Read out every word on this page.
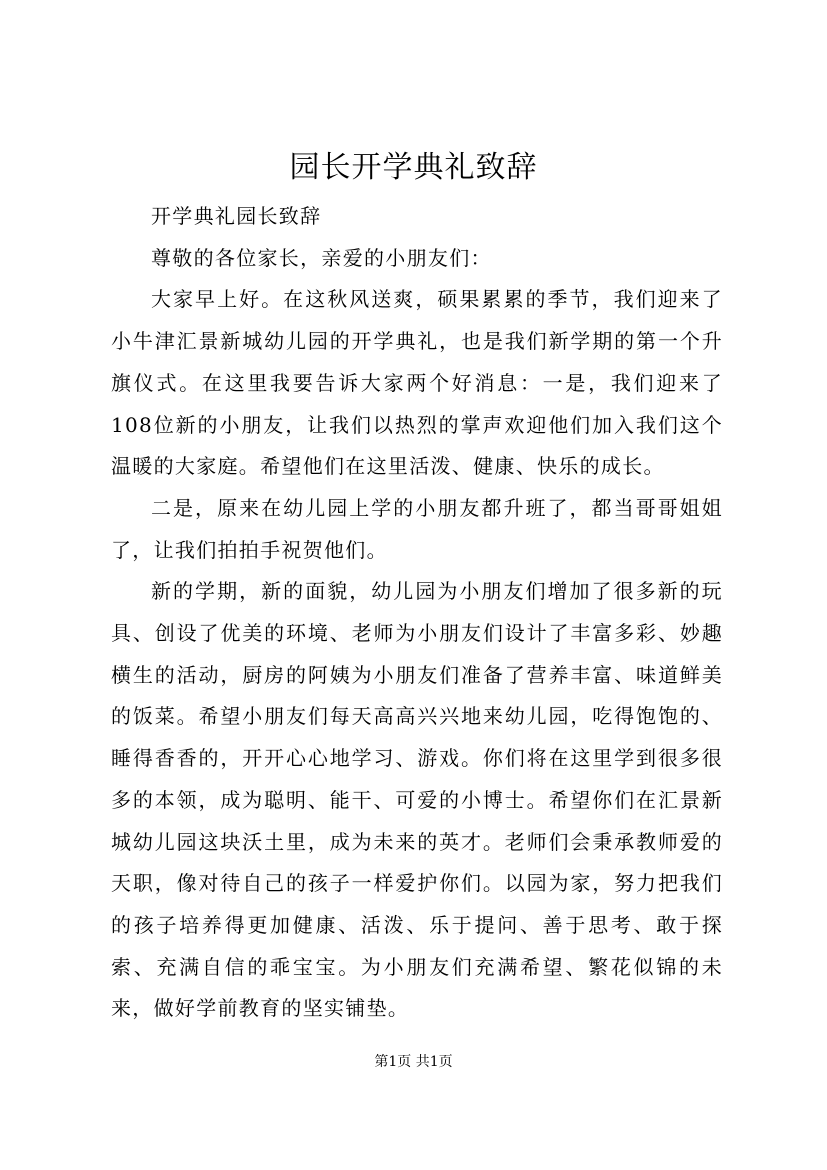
园长开学典礼致辞

开学典礼园长致辞

尊敬的各位家长，亲爱的小朋友们：

大家早上好。在这秋风送爽，硕果累累的季节，我们迎来了小牛津汇景新城幼儿园的开学典礼，也是我们新学期的第一个升旗仪式。在这里我要告诉大家两个好消息：一是，我们迎来了108位新的小朋友，让我们以热烈的掌声欢迎他们加入我们这个温暖的大家庭。希望他们在这里活泼、健康、快乐的成长。

二是，原来在幼儿园上学的小朋友都升班了，都当哥哥姐姐了，让我们拍拍手祝贺他们。

新的学期，新的面貌，幼儿园为小朋友们增加了很多新的玩具、创设了优美的环境、老师为小朋友们设计了丰富多彩、妙趣横生的活动，厨房的阿姨为小朋友们准备了营养丰富、味道鲜美的饭菜。希望小朋友们每天高高兴兴地来幼儿园，吃得饱饱的、睡得香香的，开开心心地学习、游戏。你们将在这里学到很多很多的本领，成为聪明、能干、可爱的小博士。希望你们在汇景新城幼儿园这块沃土里，成为未来的英才。老师们会秉承教师爱的天职，像对待自己的孩子一样爱护你们。以园为家，努力把我们的孩子培养得更加健康、活泼、乐于提问、善于思考、敢于探索、充满自信的乖宝宝。为小朋友们充满希望、繁花似锦的未来，做好学前教育的坚实铺垫。

第1页 共1页
